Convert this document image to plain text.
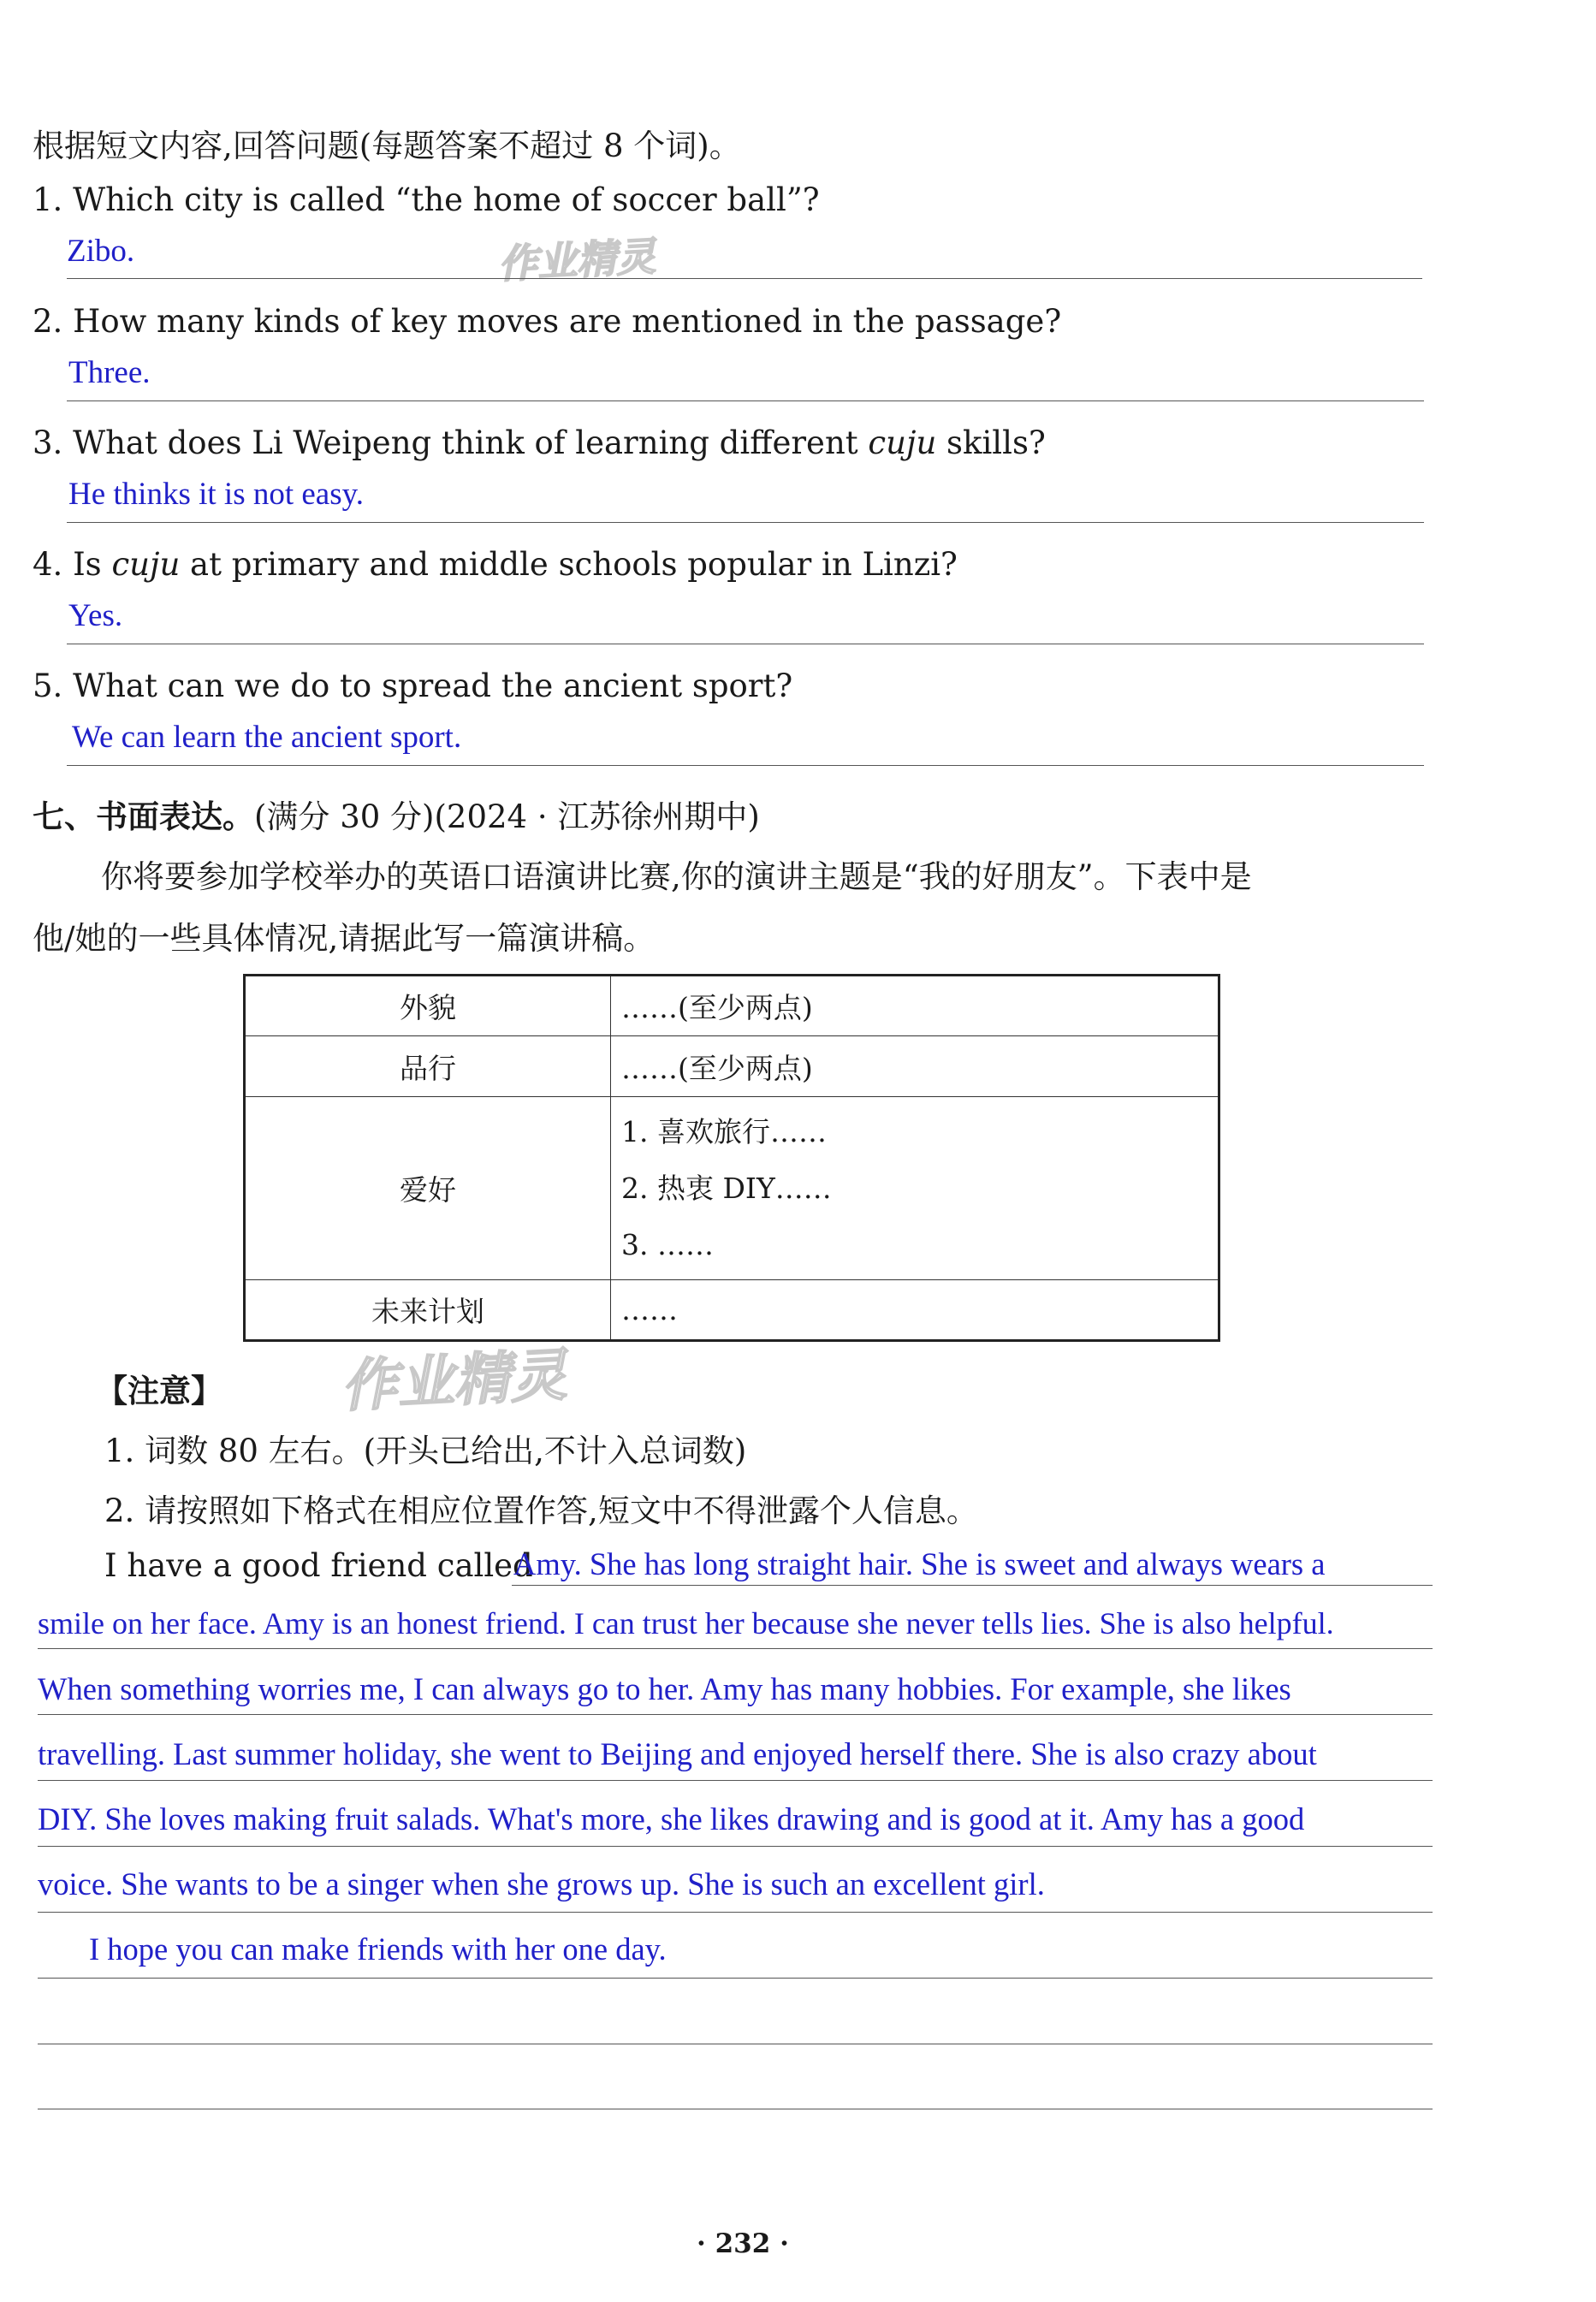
作业精灵
作业精灵
根据短文内容,回答问题(每题答案不超过 8 个词)。
1. Which city is called “the home of soccer ball”?
Zibo.
2. How many kinds of key moves are mentioned in the passage?
Three.
3. What does Li Weipeng think of learning different cuju skills?
He thinks it is not easy.
4. Is cuju at primary and middle schools popular in Linzi?
Yes.
5. What can we do to spread the ancient sport?
We can learn the ancient sport.
七、书面表达。(满分 30 分)(2024 · 江苏徐州期中)
你将要参加学校举办的英语口语演讲比赛,你的演讲主题是“我的好朋友”。下表中是
他/她的一些具体情况,请据此写一篇演讲稿。
外貌	……(至少两点)
品行	……(至少两点)
爱好	1. 喜欢旅行……
2. 热衷 DIY……
3. ……

未来计划	……
【注意】
1. 词数 80 左右。(开头已给出,不计入总词数)
2. 请按照如下格式在相应位置作答,短文中不得泄露个人信息。
I have a good friend called
Amy. She has long straight hair. She is sweet and always wears a
smile on her face. Amy is an honest friend. I can trust her because she never tells lies. She is also helpful.
When something worries me, I can always go to her. Amy has many hobbies. For example, she likes
travelling. Last summer holiday, she went to Beijing and enjoyed herself there. She is also crazy about
DIY. She loves making fruit salads. What's more, she likes drawing and is good at it. Amy has a good
voice. She wants to be a singer when she grows up. She is such an excellent girl.
I hope you can make friends with her one day.
· 232 ·
